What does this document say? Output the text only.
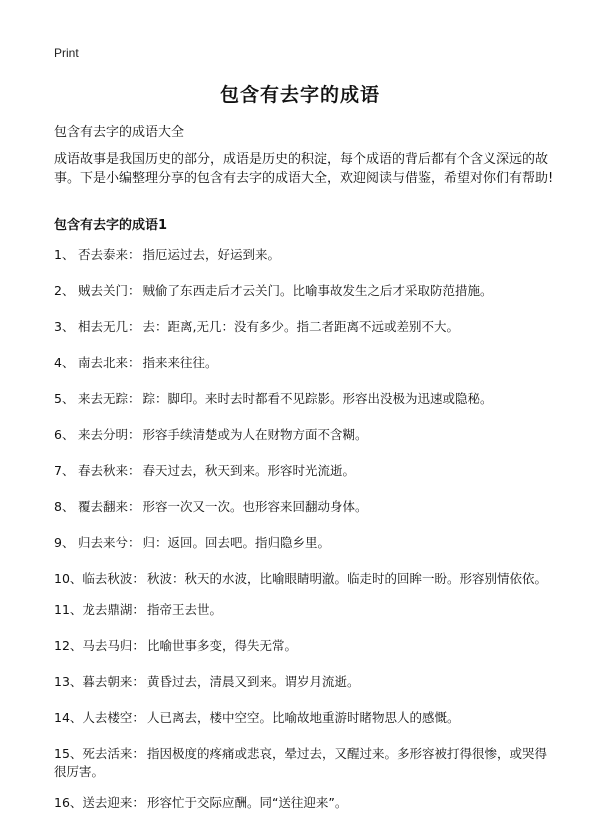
Print
包含有去字的成语
包含有去字的成语大全
成语故事是我国历史的部分，成语是历史的积淀，每个成语的背后都有个含义深远的故事。下是小编整理分享的包含有去字的成语大全，欢迎阅读与借鉴，希望对你们有帮助!
包含有去字的成语1
1、 否去泰来： 指厄运过去，好运到来。
2、 贼去关门： 贼偷了东西走后才云关门。比喻事故发生之后才采取防范措施。
3、 相去无几： 去：距离,无几：没有多少。指二者距离不远或差别不大。
4、 南去北来： 指来来往往。
5、 来去无踪： 踪：脚印。来时去时都看不见踪影。形容出没极为迅速或隐秘。
6、 来去分明： 形容手续清楚或为人在财物方面不含糊。
7、 春去秋来： 春天过去，秋天到来。形容时光流逝。
8、 覆去翻来： 形容一次又一次。也形容来回翻动身体。
9、 归去来兮： 归：返回。回去吧。指归隐乡里。
10、临去秋波： 秋波：秋天的水波，比喻眼睛明澈。临走时的回眸一盼。形容别情依依。
11、龙去鼎湖： 指帝王去世。
12、马去马归： 比喻世事多变，得失无常。
13、暮去朝来： 黄昏过去，清晨又到来。谓岁月流逝。
14、人去楼空： 人已离去，楼中空空。比喻故地重游时睹物思人的感慨。
15、死去活来： 指因极度的疼痛或悲哀，晕过去，又醒过来。多形容被打得很惨，或哭得很厉害。
16、送去迎来： 形容忙于交际应酬。同“送往迎来”。
